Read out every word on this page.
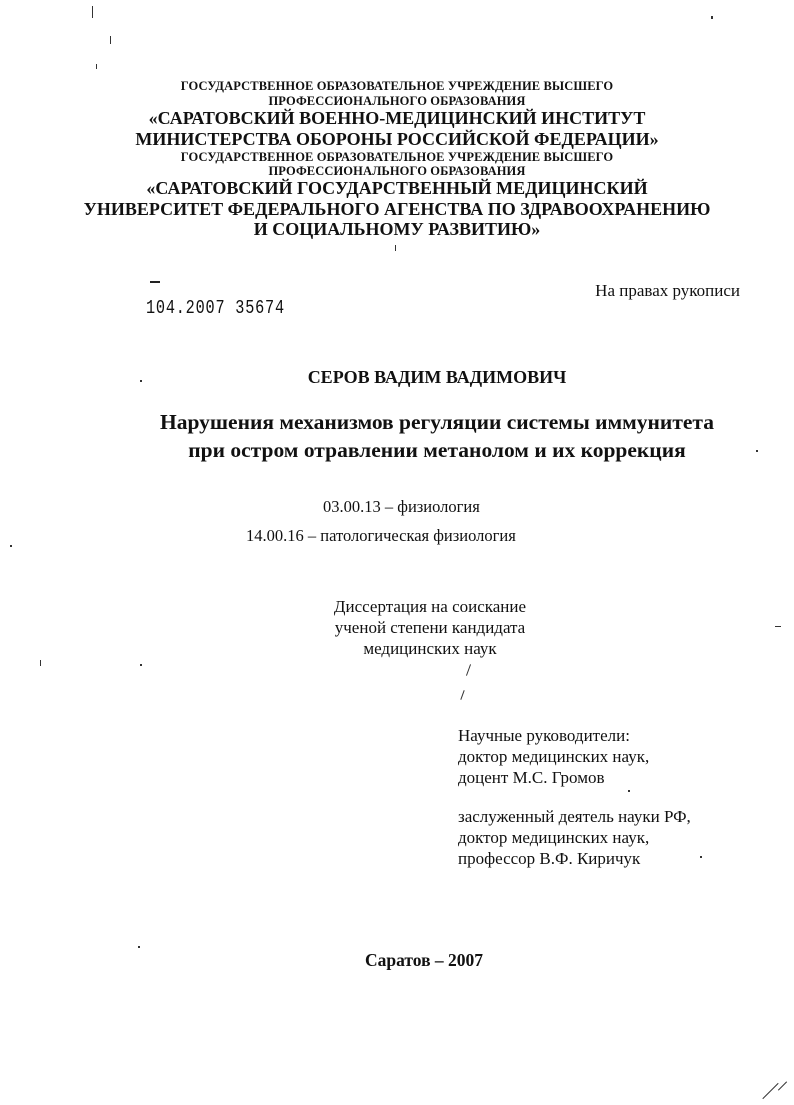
ГОСУДАРСТВЕННОЕ ОБРАЗОВАТЕЛЬНОЕ УЧРЕЖДЕНИЕ ВЫСШЕГО
ПРОФЕССИОНАЛЬНОГО ОБРАЗОВАНИЯ
«САРАТОВСКИЙ ВОЕННО-МЕДИЦИНСКИЙ ИНСТИТУТ
МИНИСТЕРСТВА ОБОРОНЫ РОССИЙСКОЙ ФЕДЕРАЦИИ»
ГОСУДАРСТВЕННОЕ ОБРАЗОВАТЕЛЬНОЕ УЧРЕЖДЕНИЕ ВЫСШЕГО
ПРОФЕССИОНАЛЬНОГО ОБРАЗОВАНИЯ
«САРАТОВСКИЙ ГОСУДАРСТВЕННЫЙ МЕДИЦИНСКИЙ
УНИВЕРСИТЕТ ФЕДЕРАЛЬНОГО АГЕНСТВА ПО ЗДРАВООХРАНЕНИЮ
И СОЦИАЛЬНОМУ РАЗВИТИЮ»
На правах рукописи
104.2007 35674
СЕРОВ ВАДИМ ВАДИМОВИЧ
Нарушения механизмов регуляции системы иммунитета
при остром отравлении метанолом и их коррекция
03.00.13 – физиология
14.00.16 – патологическая физиология
Диссертация на соискание
ученой степени кандидата
медицинских наук
Научные руководители:
доктор медицинских наук,
доцент М.С. Громов
заслуженный деятель науки РФ,
доктор медицинских наук,
профессор В.Ф. Киричук
Саратов – 2007
